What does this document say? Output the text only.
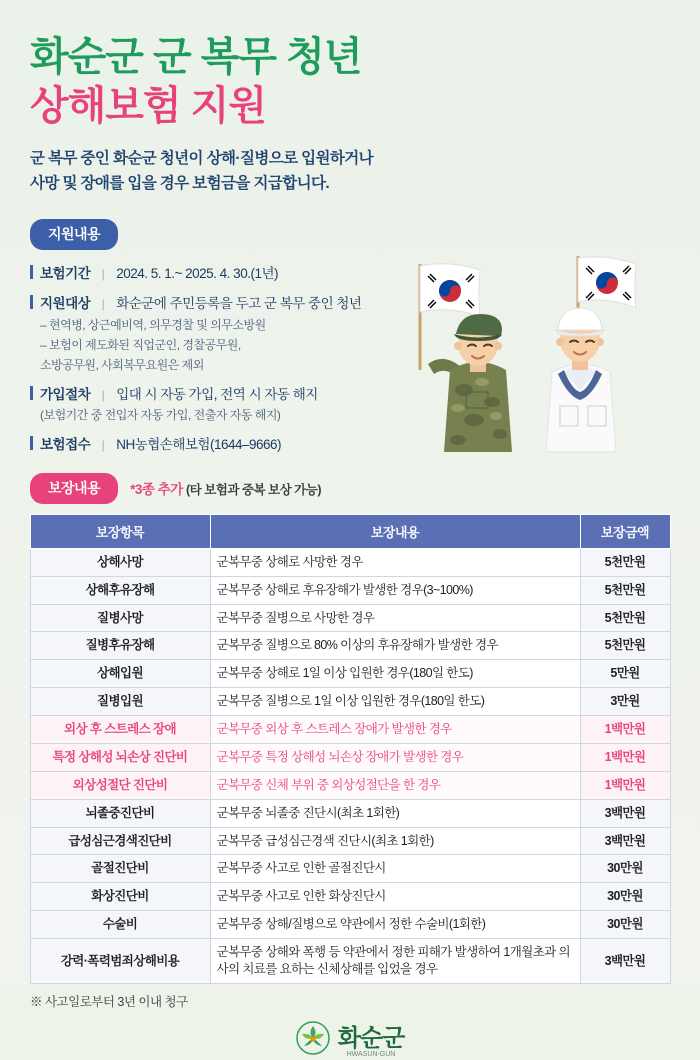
화순군 군 복무 청년
상해보험 지원
군 복무 중인 화순군 청년이 상해·질병으로 입원하거나
사망 및 장애를 입을 경우 보험금을 지급합니다.
지원내용
보험기간 | 2024. 5. 1.~ 2025. 4. 30.(1년)
지원대상 | 화순군에 주민등록을 두고 군 복무 중인 청년
– 현역병, 상근예비역, 의무경찰 및 의무소방원
– 보험이 제도화된 직업군인, 경찰공무원,
소방공무원, 사회복무요원은 제외
가입절차 | 입대 시 자동 가입, 전역 시 자동 해지
(보험기간 중 전입자 자동 가입, 전출자 자동 해지)
보험접수 | NH농협손해보험(1644–9666)
보장내용	*3종 추가 (타 보험과 중복 보상 가능)
보장항목	보장내용	보장금액
상해사망	군복무중 상해로 사망한 경우	5천만원
상해후유장해	군복무중 상해로 후유장해가 발생한 경우(3~100%)	5천만원
질병사망	군복무중 질병으로 사망한 경우	5천만원
질병후유장해	군복무중 질병으로 80% 이상의 후유장해가 발생한 경우	5천만원
상해입원	군복무중 상해로 1일 이상 입원한 경우(180일 한도)	5만원
질병입원	군복무중 질병으로 1일 이상 입원한 경우(180일 한도)	3만원
외상 후 스트레스 장애	군복무중 외상 후 스트레스 장애가 발생한 경우	1백만원
특정 상해성 뇌손상 진단비	군복무중 특정 상해성 뇌손상 장애가 발생한 경우	1백만원
외상성절단 진단비	군복무중 신체 부위 중 외상성절단을 한 경우	1백만원
뇌졸중진단비	군복무중 뇌졸중 진단시(최초 1회한)	3백만원
급성심근경색진단비	군복무중 급성심근경색 진단시(최초 1회한)	3백만원
골절진단비	군복무중 사고로 인한 골절진단시	30만원
화상진단비	군복무중 사고로 인한 화상진단시	30만원
수술비	군복무중 상해/질병으로 약관에서 정한 수술비(1회한)	30만원
강력·폭력범죄상해비용	군복무중 상해와 폭행 등 약관에서 정한 피해가 발생하여 1개월초과 의사의 치료를 요하는 신체상해를 입었을 경우	3백만원
※ 사고일로부터 3년 이내 청구
화순군
HWASUN-GUN
